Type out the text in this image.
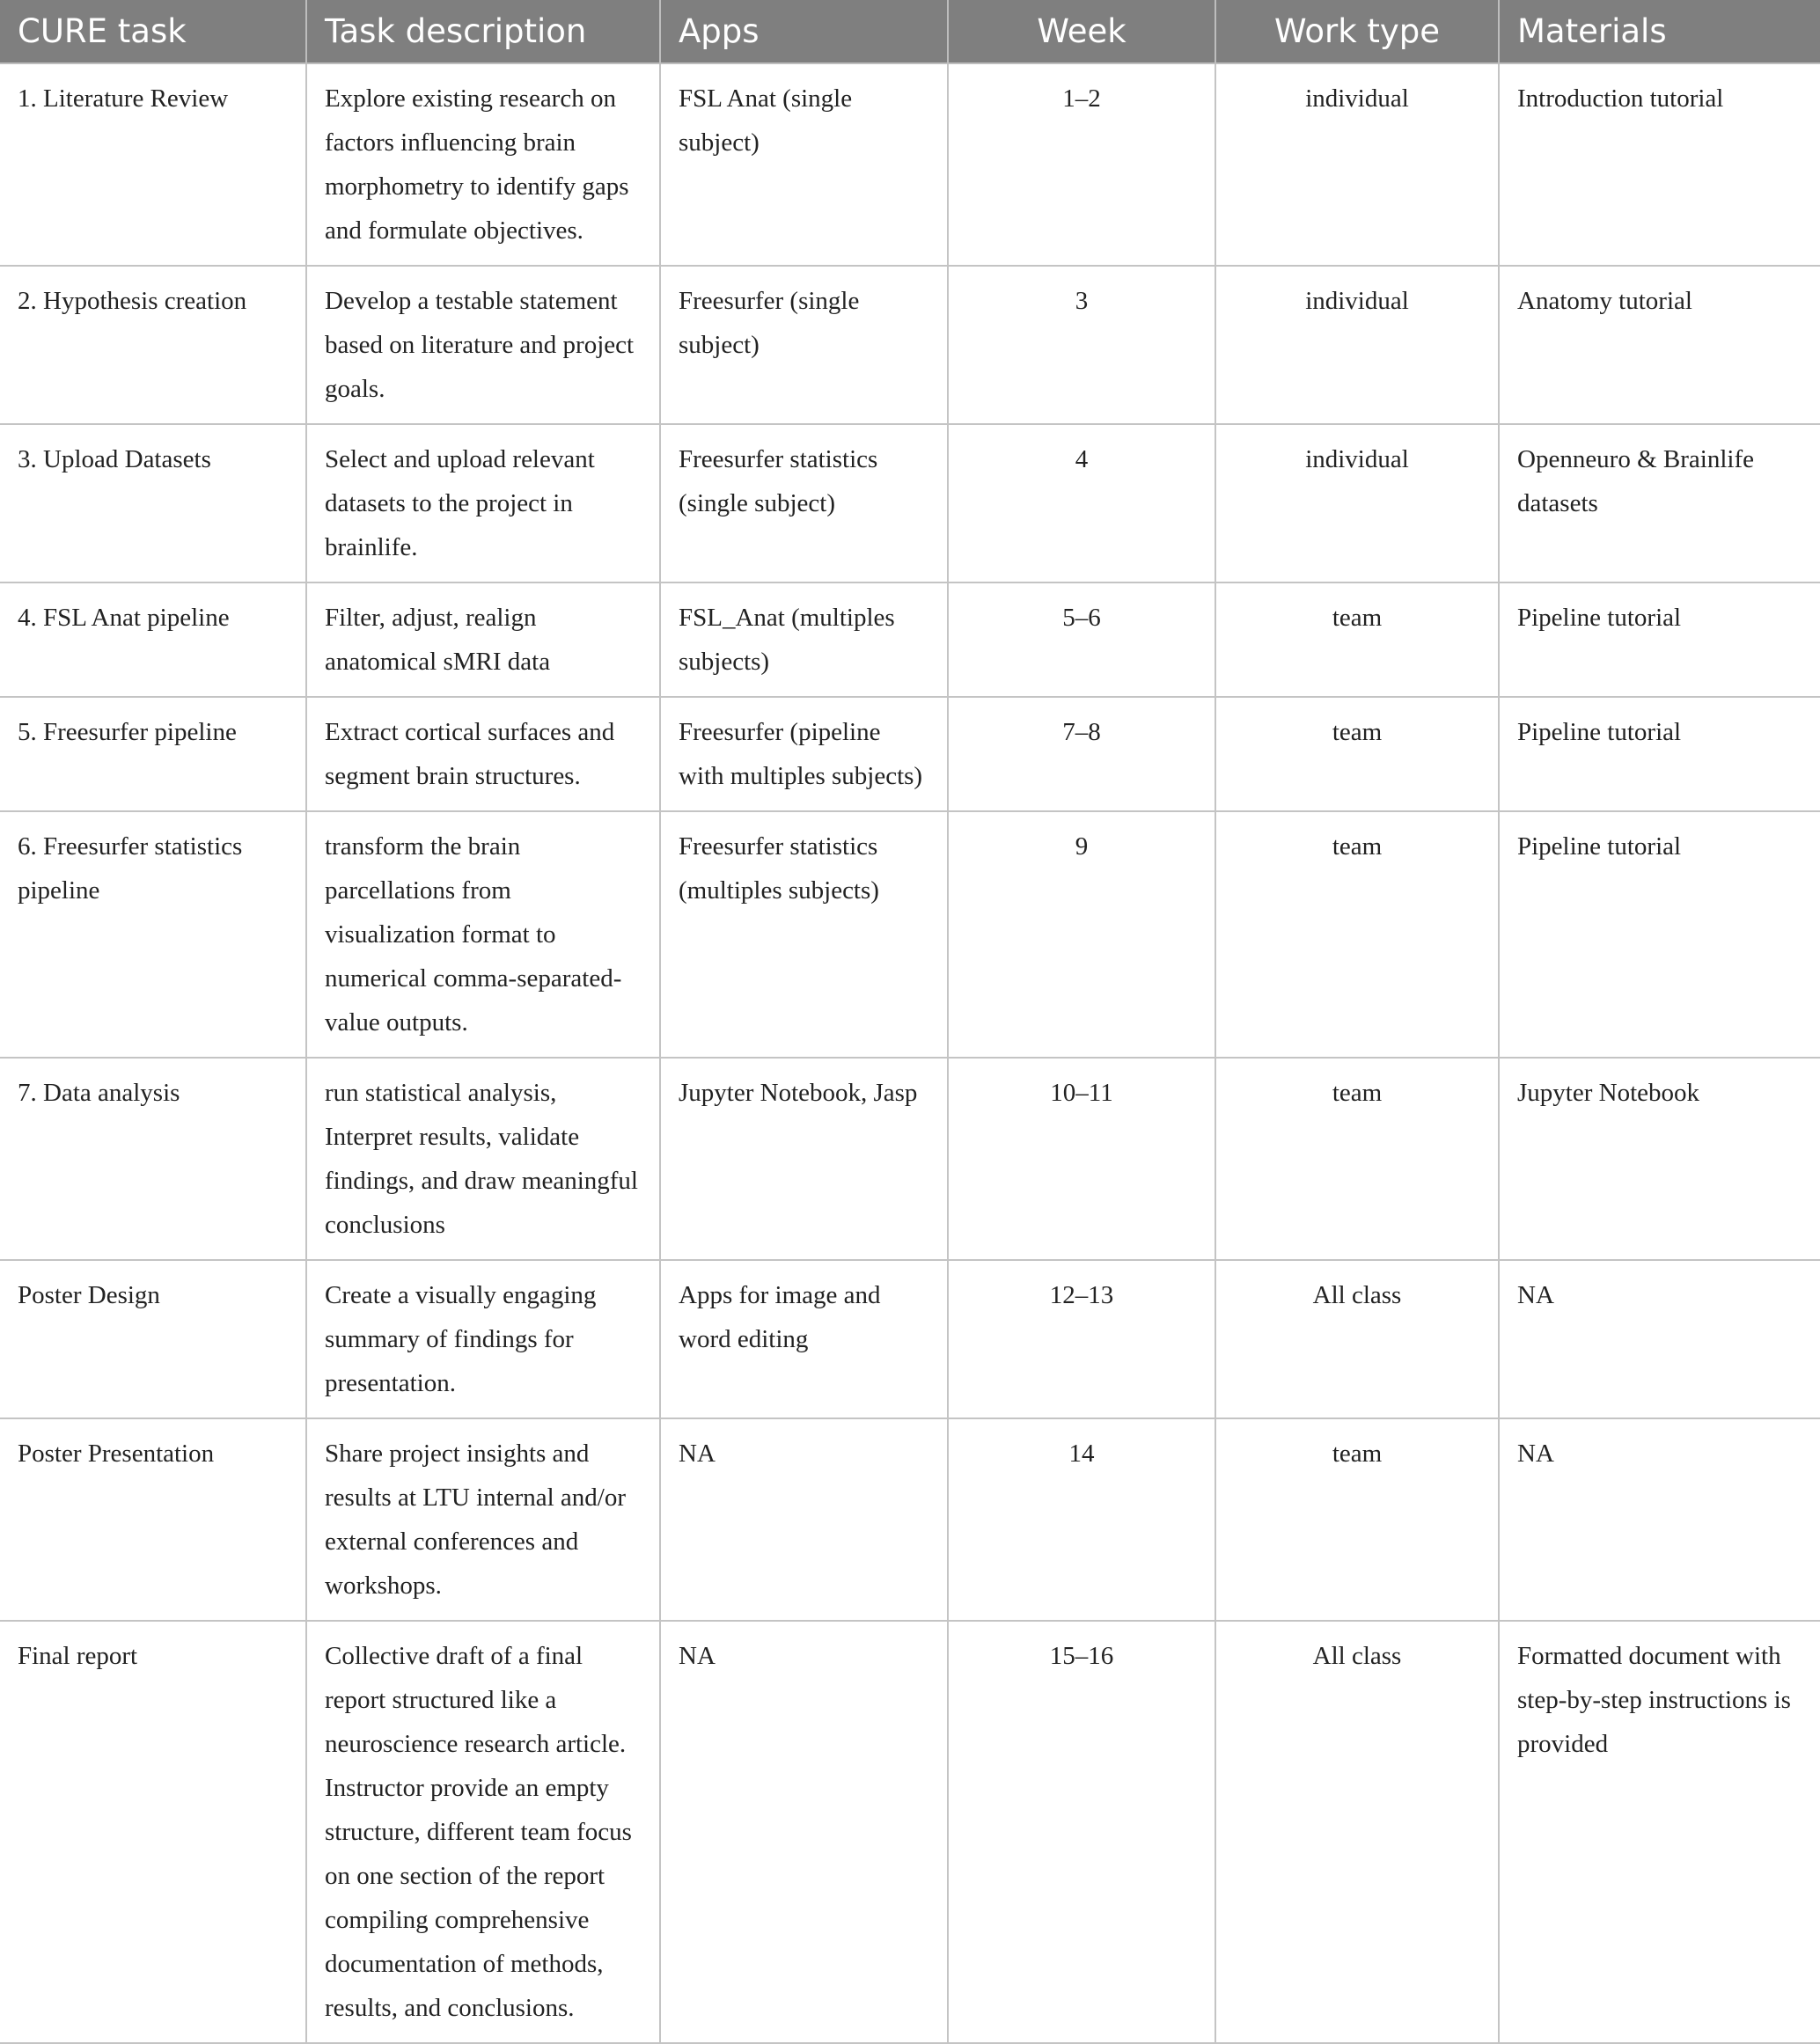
CURE task	Task description	Apps	Week	Work type	Materials
1. Literature Review	Explore existing research on factors influencing brain morphometry to identify gaps and formulate objectives.	FSL Anat (single subject)	1–2	individual	Introduction tutorial
2. Hypothesis creation	Develop a testable statement based on literature and project goals.	Freesurfer (single subject)	3	individual	Anatomy tutorial
3. Upload Datasets	Select and upload relevant datasets to the project in brainlife.	Freesurfer statistics (single subject)	4	individual	Openneuro & Brainlife datasets
4. FSL Anat pipeline	Filter, adjust, realign anatomical sMRI data	FSL_Anat (multiples subjects)	5–6	team	Pipeline tutorial
5. Freesurfer pipeline	Extract cortical surfaces and segment brain structures.	Freesurfer (pipeline with multiples subjects)	7–8	team	Pipeline tutorial
6. Freesurfer statistics pipeline	transform the brain parcellations from visualization format to numerical comma-separated-value outputs.	Freesurfer statistics (multiples subjects)	9	team	Pipeline tutorial
7. Data analysis	run statistical analysis, Interpret results, validate findings, and draw meaningful conclusions	Jupyter Notebook, Jasp	10–11	team	Jupyter Notebook
Poster Design	Create a visually engaging summary of findings for presentation.	Apps for image and word editing	12–13	All class	NA
Poster Presentation	Share project insights and results at LTU internal and/or external conferences and workshops.	NA	14	team	NA
Final report	Collective draft of a final report structured like a neuroscience research article. Instructor provide an empty structure, different team focus on one section of the report compiling comprehensive documentation of methods, results, and conclusions.	NA	15–16	All class	Formatted document with step-by-step instructions is provided
